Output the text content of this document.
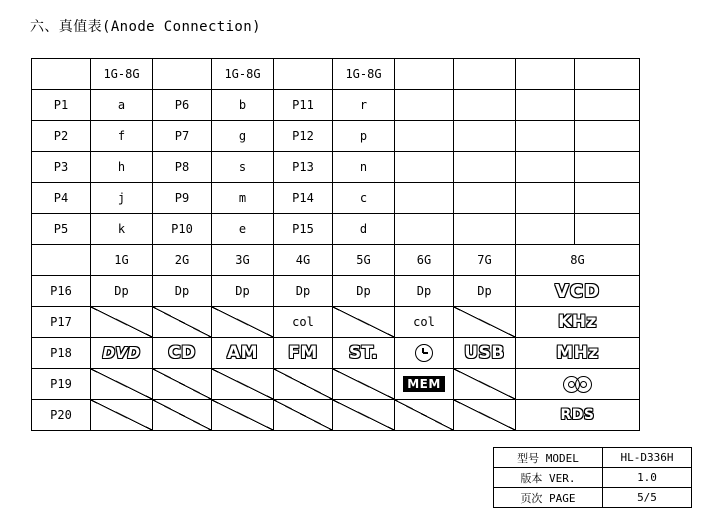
六、真值表(Anode Connection)
	1G-8G		1G-8G		1G-8G				
P1	a	P6	b	P11	r				
P2	f	P7	g	P12	p				
P3	h	P8	s	P13	n				
P4	j	P9	m	P14	c				
P5	k	P10	e	P15	d				
	1G	2G	3G	4G	5G	6G	7G	8G	
P16	Dp	Dp	Dp	Dp	Dp	Dp	Dp	VCD	
P17				col		col		KHz	
P18	DVD	CD	AM	FM	ST.		USB	MHz	
P19						MEM			

P20								RDS	
型号 MODEL	HL-D336H
版本 VER.	1.0
页次 PAGE	5/5
